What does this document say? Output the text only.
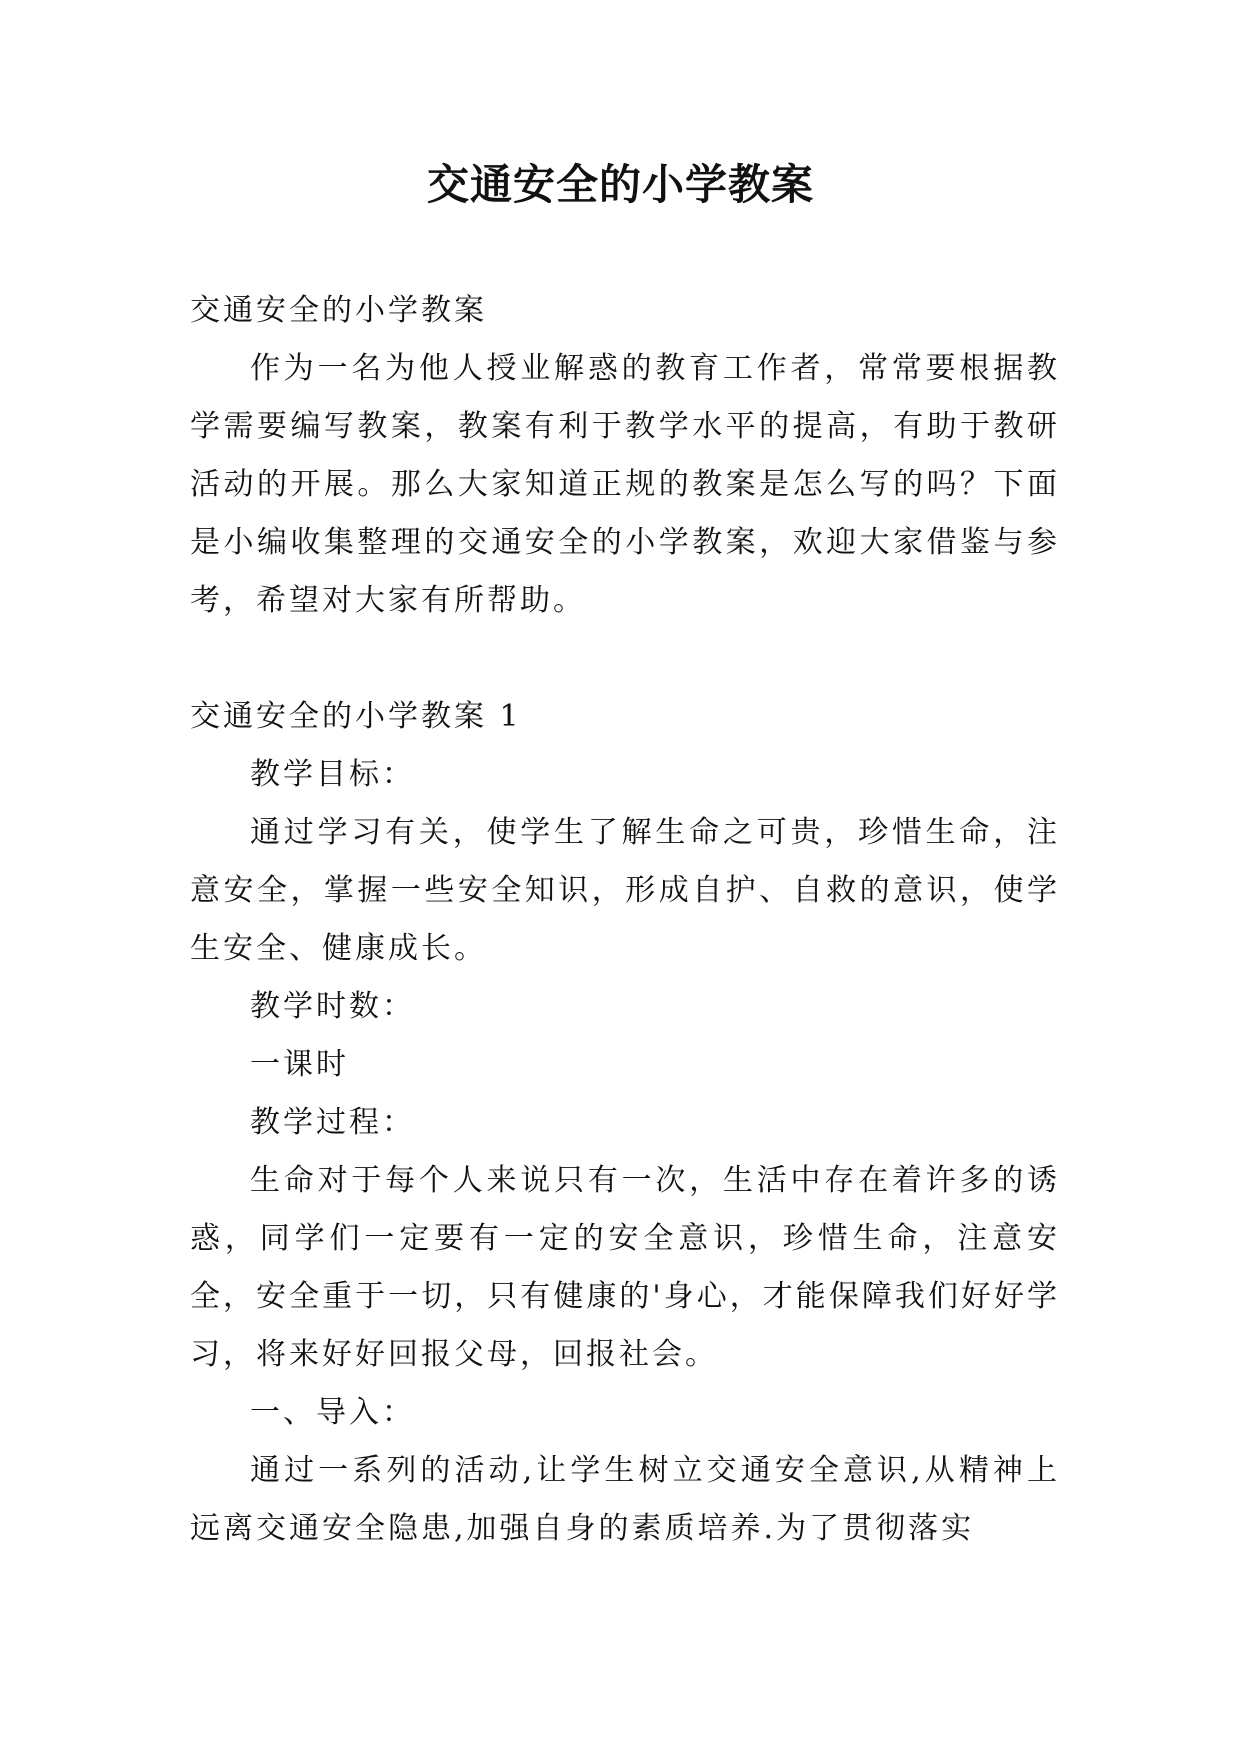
交通安全的小学教案

交通安全的小学教案

作为一名为他人授业解惑的教育工作者，常常要根据教学需要编写教案，教案有利于教学水平的提高，有助于教研活动的开展。那么大家知道正规的教案是怎么写的吗？下面是小编收集整理的交通安全的小学教案，欢迎大家借鉴与参考，希望对大家有所帮助。

交通安全的小学教案 1

教学目标：

通过学习有关，使学生了解生命之可贵，珍惜生命，注意安全，掌握一些安全知识，形成自护、自救的意识，使学生安全、健康成长。

教学时数：

一课时

教学过程：

生命对于每个人来说只有一次，生活中存在着许多的诱惑，同学们一定要有一定的安全意识，珍惜生命，注意安全，安全重于一切，只有健康的'身心，才能保障我们好好学习，将来好好回报父母，回报社会。

一、导入：

通过一系列的活动,让学生树立交通安全意识,从精神上远离交通安全隐患,加强自身的素质培养.为了贯彻落实
